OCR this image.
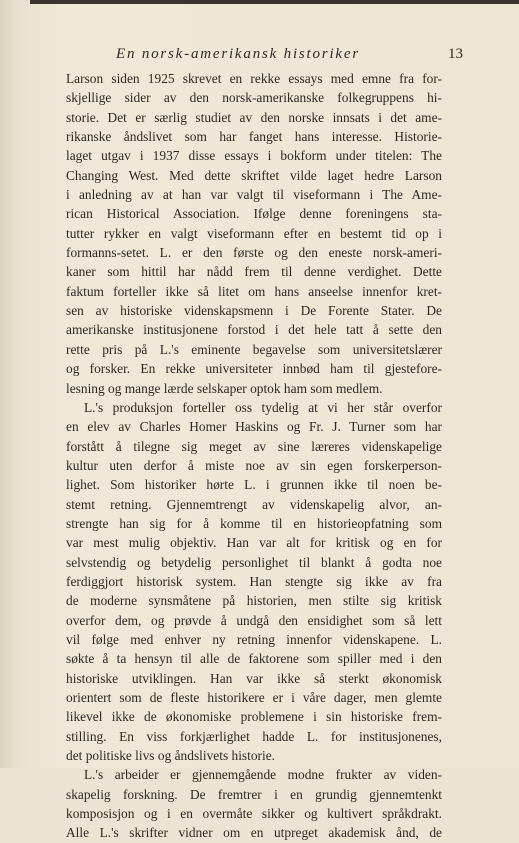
En norsk-amerikansk historiker	13
Larson siden 1925 skrevet en rekke essays med emne fra for-
skjellige sider av den norsk-amerikanske folkegruppens hi-
storie. Det er særlig studiet av den norske innsats i det ame-
rikanske åndslivet som har fanget hans interesse. Historie-
laget utgav i 1937 disse essays i bokform under titelen: The
Changing West. Med dette skriftet vilde laget hedre Larson
i anledning av at han var valgt til viseformann i The Ame-
rican Historical Association. Ifølge denne foreningens sta-
tutter rykker en valgt viseformann efter en bestemt tid op i
formanns-setet. L. er den første og den eneste norsk-ameri-
kaner som hittil har nådd frem til denne verdighet. Dette
faktum forteller ikke så litet om hans anseelse innenfor kret-
sen av historiske videnskapsmenn i De Forente Stater. De
amerikanske institusjonene forstod i det hele tatt å sette den
rette pris på L.'s eminente begavelse som universitetslærer
og forsker. En rekke universiteter innbød ham til gjesteforе-
lesning og mange lærde selskaper optok ham som medlem.
L.'s produksjon forteller oss tydelig at vi her står overfor
en elev av Charles Homer Haskins og Fr. J. Turner som har
forstått å tilegne sig meget av sine læreres videnskapelige
kultur uten derfor å miste noe av sin egen forskerperson-
lighet. Som historiker hørte L. i grunnen ikke til noen be-
stemt retning. Gjennemtrengt av videnskapelig alvor, an-
strengte han sig for å komme til en historieopfatning som
var mest mulig objektiv. Han var alt for kritisk og en for
selvstendig og betydelig personlighet til blankt å godta noe
ferdiggjort historisk system. Han stengte sig ikke av fra
de moderne synsmåtene på historien, men stilte sig kritisk
overfor dem, og prøvde å undgå den ensidighet som så lett
vil følge med enhver ny retning innenfor videnskapene. L.
søkte å ta hensyn til alle de faktorene som spiller med i den
historiske utviklingen. Han var ikke så sterkt økonomisk
orientert som de fleste historikere er i våre dager, men glemte
likevel ikke de økonomiske problemene i sin historiske frem-
stilling. En viss forkjærlighet hadde L. for institusjonenes,
det politiske livs og åndslivets historie.
L.'s arbeider er gjennemgående modne frukter av viden-
skapelig forskning. De fremtrer i en grundig gjennemtenkt
komposisjon og i en overmåte sikker og kultivert språkdrakt.
Alle L.'s skrifter vidner om en utpreget akademisk ånd, de
